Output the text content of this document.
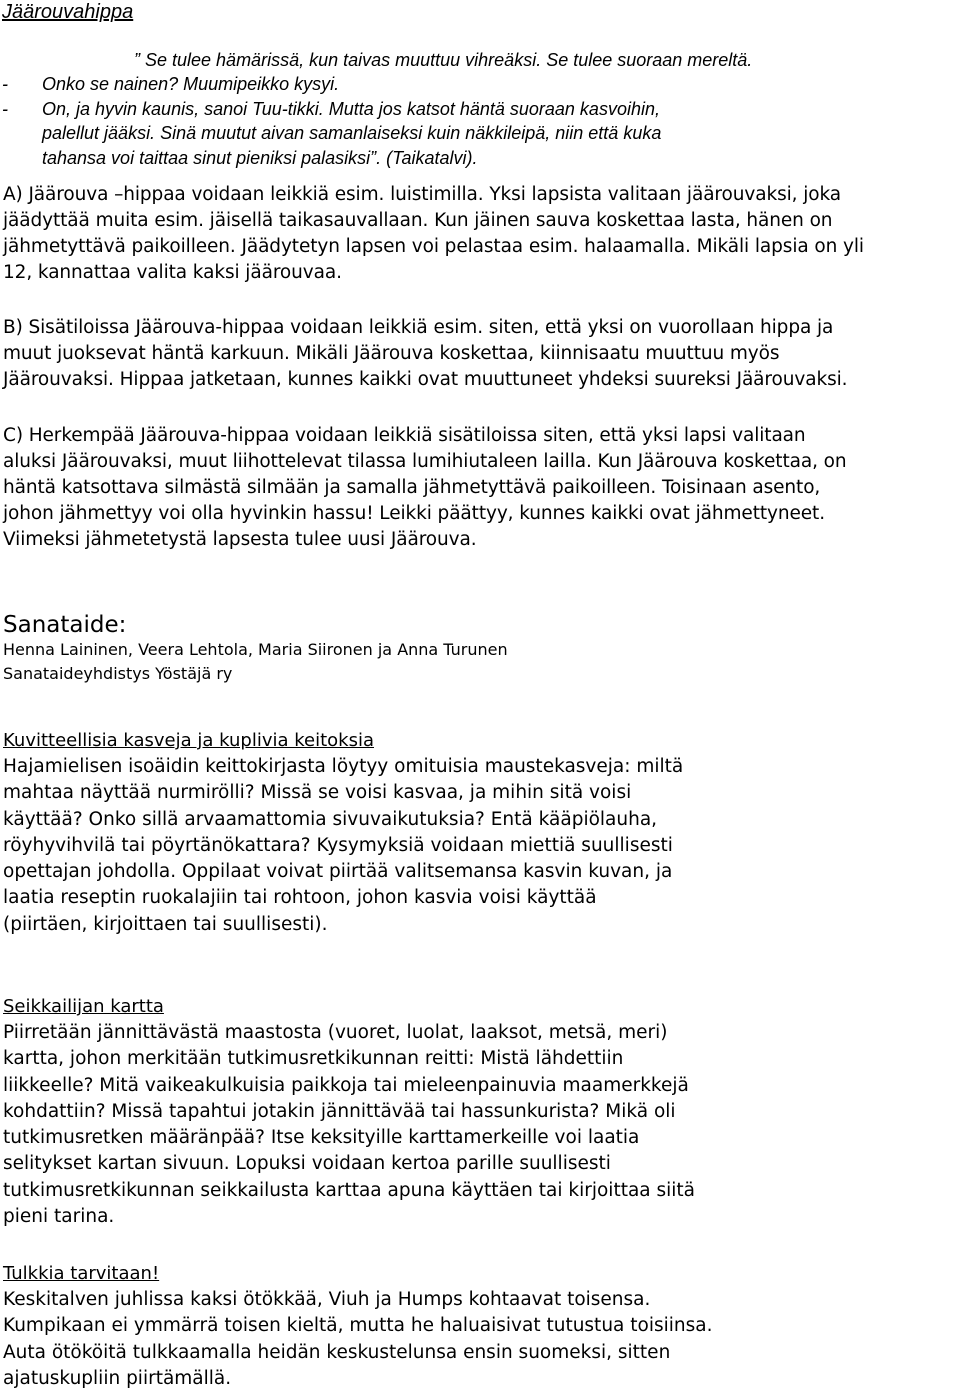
Jäärouvahippa
” Se tulee hämärissä, kun taivas muuttuu vihreäksi. Se tulee suoraan mereltä.
- Onko se nainen? Muumipeikko kysyi.
- On, ja hyvin kaunis, sanoi Tuu-tikki. Mutta jos katsot häntä suoraan kasvoihin,
palellut jääksi. Sinä muutut aivan samanlaiseksi kuin näkkileipä, niin että kuka
tahansa voi taittaa sinut pieniksi palasiksi”. (Taikatalvi).
A) Jäärouva –hippaa voidaan leikkiä esim. luistimilla. Yksi lapsista valitaan jäärouvaksi, joka
jäädyttää muita esim. jäisellä taikasauvallaan. Kun jäinen sauva koskettaa lasta, hänen on
jähmetyttävä paikoilleen. Jäädytetyn lapsen voi pelastaa esim. halaamalla. Mikäli lapsia on yli
12, kannattaa valita kaksi jäärouvaa.
B) Sisätiloissa Jäärouva-hippaa voidaan leikkiä esim. siten, että yksi on vuorollaan hippa ja
muut juoksevat häntä karkuun. Mikäli Jäärouva koskettaa, kiinnisaatu muuttuu myös
Jäärouvaksi. Hippaa jatketaan, kunnes kaikki ovat muuttuneet yhdeksi suureksi Jäärouvaksi.
C) Herkempää Jäärouva-hippaa voidaan leikkiä sisätiloissa siten, että yksi lapsi valitaan
aluksi Jäärouvaksi, muut liihottelevat tilassa lumihiutaleen lailla. Kun Jäärouva koskettaa, on
häntä katsottava silmästä silmään ja samalla jähmetyttävä paikoilleen. Toisinaan asento,
johon jähmettyy voi olla hyvinkin hassu! Leikki päättyy, kunnes kaikki ovat jähmettyneet.
Viimeksi jähmetetystä lapsesta tulee uusi Jäärouva.
Sanataide:
Henna Laininen, Veera Lehtola, Maria Siironen ja Anna Turunen
Sanataideyhdistys Yöstäjä ry
Kuvitteellisia kasveja ja kuplivia keitoksia
Hajamielisen isoäidin keittokirjasta löytyy omituisia maustekasveja: miltä
mahtaa näyttää nurmirölli? Missä se voisi kasvaa, ja mihin sitä voisi
käyttää? Onko sillä arvaamattomia sivuvaikutuksia? Entä kääpiölauha,
röyhyvihvilä tai pöyrtänökattara? Kysymyksiä voidaan miettiä suullisesti
opettajan johdolla. Oppilaat voivat piirtää valitsemansa kasvin kuvan, ja
laatia reseptin ruokalajiin tai rohtoon, johon kasvia voisi käyttää
(piirtäen, kirjoittaen tai suullisesti).
Seikkailijan kartta
Piirretään jännittävästä maastosta (vuoret, luolat, laaksot, metsä, meri)
kartta, johon merkitään tutkimusretkikunnan reitti: Mistä lähdettiin
liikkeelle? Mitä vaikeakulkuisia paikkoja tai mieleenpainuvia maamerkkejä
kohdattiin? Missä tapahtui jotakin jännittävää tai hassunkurista? Mikä oli
tutkimusretken määränpää? Itse keksityille karttamerkeille voi laatia
selitykset kartan sivuun. Lopuksi voidaan kertoa parille suullisesti
tutkimusretkikunnan seikkailusta karttaa apuna käyttäen tai kirjoittaa siitä
pieni tarina.
Tulkkia tarvitaan!
Keskitalven juhlissa kaksi ötökkää, Viuh ja Humps kohtaavat toisensa.
Kumpikaan ei ymmärrä toisen kieltä, mutta he haluaisivat tutustua toisiinsa.
Auta ötököitä tulkkaamalla heidän keskustelunsa ensin suomeksi, sitten
ajatuskupliin piirtämällä.
